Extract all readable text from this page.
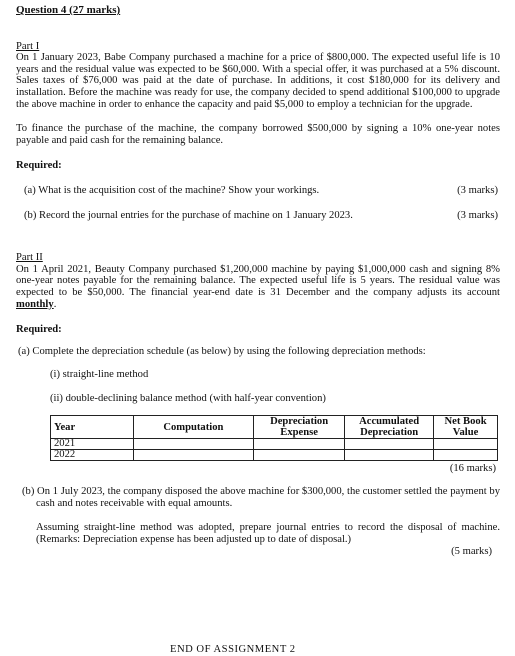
Question 4 (27 marks)

Part I

On 1 January 2023, Babe Company purchased a machine for a price of $800,000. The expected useful life is 10 years and the residual value was expected to be $60,000. With a special offer, it was purchased at a 5% discount. Sales taxes of $76,000 was paid at the date of purchase. In additions, it cost $180,000 for its delivery and installation. Before the machine was ready for use, the company decided to spend additional $100,000 to upgrade the above machine in order to enhance the capacity and paid $5,000 to employ a technician for the upgrade.

To finance the purchase of the machine, the company borrowed $500,000 by signing a 10% one-year notes payable and paid cash for the remaining balance.

Required:

(a) What is the acquisition cost of the machine? Show your workings.	(3 marks)
(b) Record the journal entries for the purchase of machine on 1 January 2023.	(3 marks)

Part II

On 1 April 2021, Beauty Company purchased $1,200,000 machine by paying $1,000,000 cash and signing 8% one-year notes payable for the remaining balance. The expected useful life is 5 years. The residual value was expected to be $50,000. The financial year-end date is 31 December and the company adjusts its account monthly.

Required:

(a) Complete the depreciation schedule (as below) by using the following depreciation methods:

(i) straight-line method

(ii) double-declining balance method (with half-year convention)

Year	Computation	Depreciation Expense	Accumulated Depreciation	Net Book Value
2021				
2022				
(16 marks)

(b) On 1 July 2023, the company disposed the above machine for $300,000, the customer settled the payment by cash and notes receivable with equal amounts.

Assuming straight-line method was adopted, prepare journal entries to record the disposal of machine. (Remarks: Depreciation expense has been adjusted up to date of disposal.)

(5 marks)
END OF ASSIGNMENT 2
